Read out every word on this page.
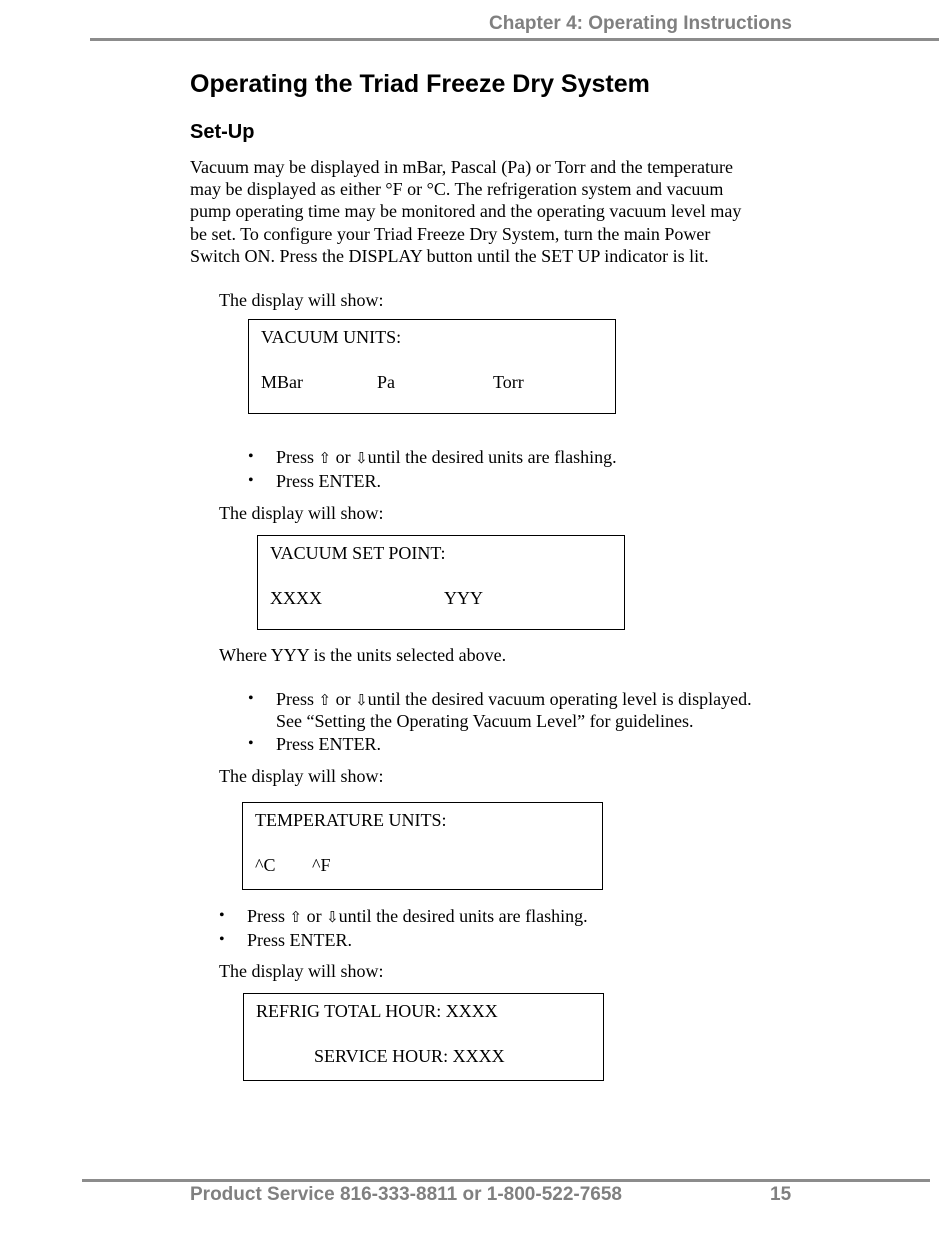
Chapter 4: Operating Instructions
Operating the Triad Freeze Dry System
Set-Up
Vacuum may be displayed in mBar, Pascal (Pa) or Torr and the temperature
may be displayed as either °F or °C. The refrigeration system and vacuum
pump operating time may be monitored and the operating vacuum level may
be set. To configure your Triad Freeze Dry System, turn the main Power
Switch ON. Press the DISPLAY button until the SET UP indicator is lit.
The display will show:
VACUUM UNITS:
MBar	Pa	Torr
• Press ⇧ or ⇩until the desired units are flashing.
• Press ENTER.
The display will show:
VACUUM SET POINT:
XXXX	YYY
Where YYY is the units selected above.
• Press ⇧ or ⇩until the desired vacuum operating level is displayed.
See “Setting the Operating Vacuum Level” for guidelines.
• Press ENTER.
The display will show:
TEMPERATURE UNITS:
^C ^F
• Press ⇧ or ⇩until the desired units are flashing.
• Press ENTER.
The display will show:
REFRIG TOTAL HOUR: XXXX
SERVICE HOUR: XXXX
Product Service 816-333-8811 or 1-800-522-7658	15
